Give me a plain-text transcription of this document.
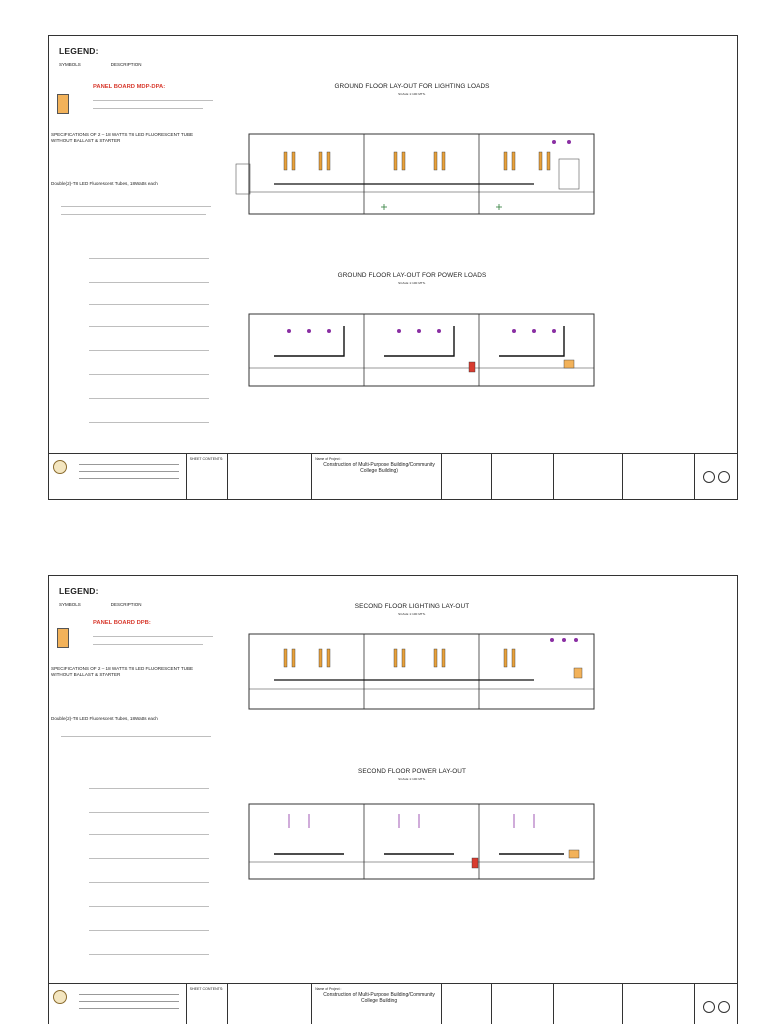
LEGEND:
SYMBOLS	DESCRIPTION
PANEL BOARD MDP-DPA:
SPECIFICATIONS OF 2 – 18 WATTS T8 LED FLUORESCENT TUBE WITHOUT BALLAST & STARTER
Double(2)-T8 LED Fluorescent Tubes, 18Watts each
GROUND FLOOR LAY-OUT FOR LIGHTING LOADS
SCALE 1:100 MTS.
GROUND FLOOR LAY-OUT FOR POWER LOADS
SCALE 1:100 MTS.
SHEET CONTENTS:	Name of Project :
Construction of Multi-Purpose Building/Community College Building)
LEGEND:
SYMBOLS	DESCRIPTION
PANEL BOARD DPB:
SPECIFICATIONS OF 2 – 18 WATTS T8 LED FLUORESCENT TUBE WITHOUT BALLAST & STARTER
Double(2)-T8 LED Fluorescent Tubes, 18Watts each
SECOND FLOOR LIGHTING LAY-OUT
SCALE 1:100 MTS.
SECOND FLOOR POWER LAY-OUT
SCALE 1:100 MTS.
SHEET CONTENTS:	Name of Project :
Construction of Multi-Purpose Building/Community College Building
